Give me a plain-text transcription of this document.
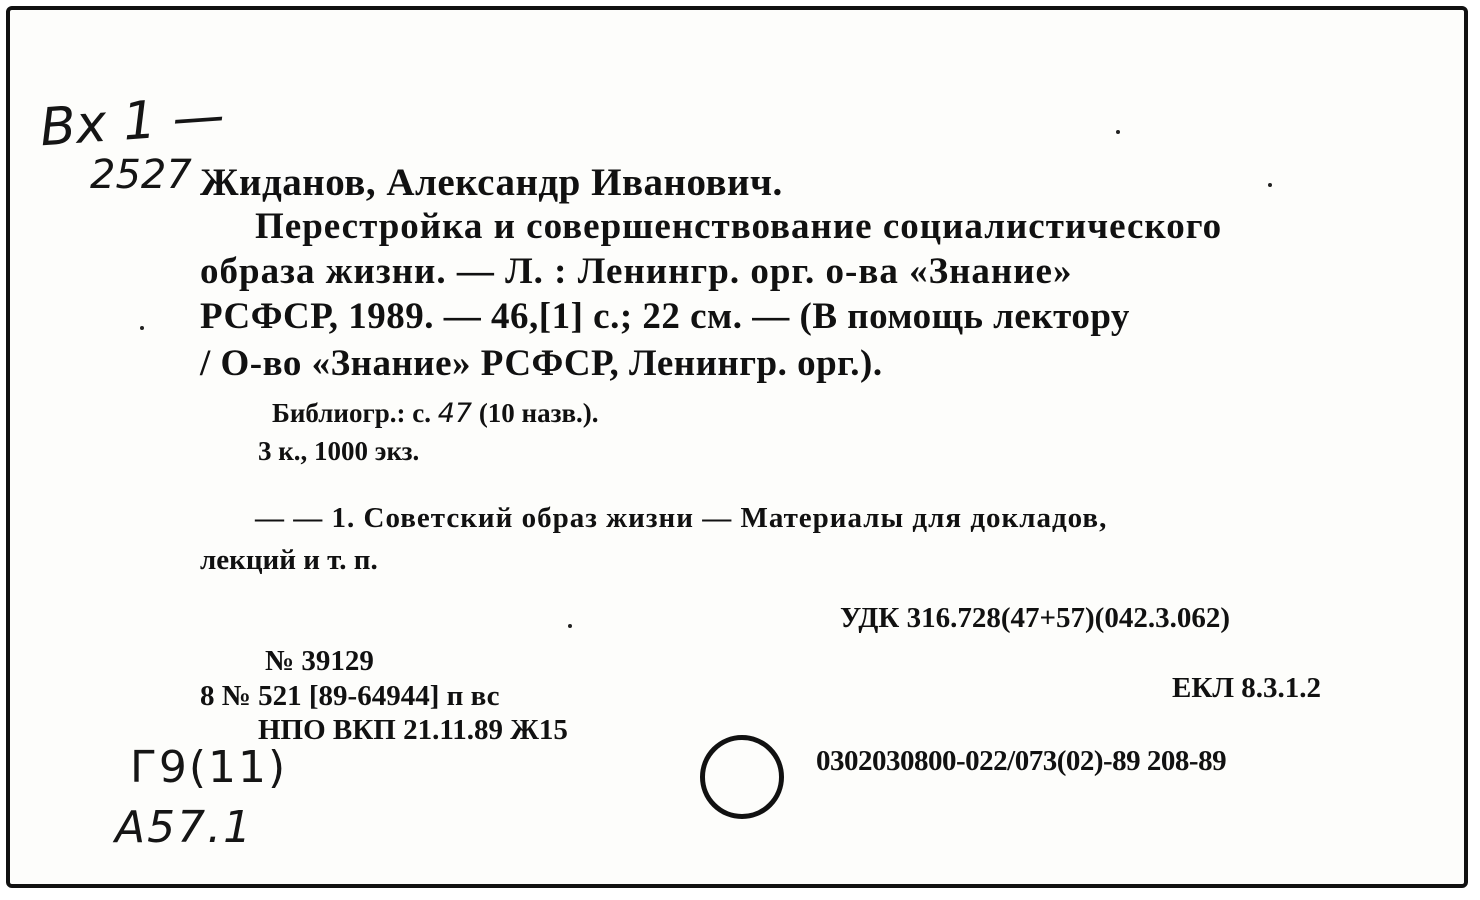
Вх 1 —
2527
Г9(11)
А57.1
Жиданов, Александр Иванович.
Перестройка и совершенствование социалистического
образа жизни. — Л. : Ленингр. орг. о-ва «Знание»
РСФСР, 1989. — 46,[1] с.; 22 см. — (В помощь лектору
/ О-во «Знание» РСФСР, Ленингр. орг.).
Библиогр.: с. 47 (10 назв.).
3 к., 1000 экз.
— — 1. Советский образ жизни — Материалы для докладов,
лекций и т. п.
УДК 316.728(47+57)(042.3.062)
ЕКЛ 8.3.1.2
№ 39129
8 № 521 [89-64944] п вс
НПО ВКП 21.11.89 Ж15
0302030800-022/073(02)-89 208-89
